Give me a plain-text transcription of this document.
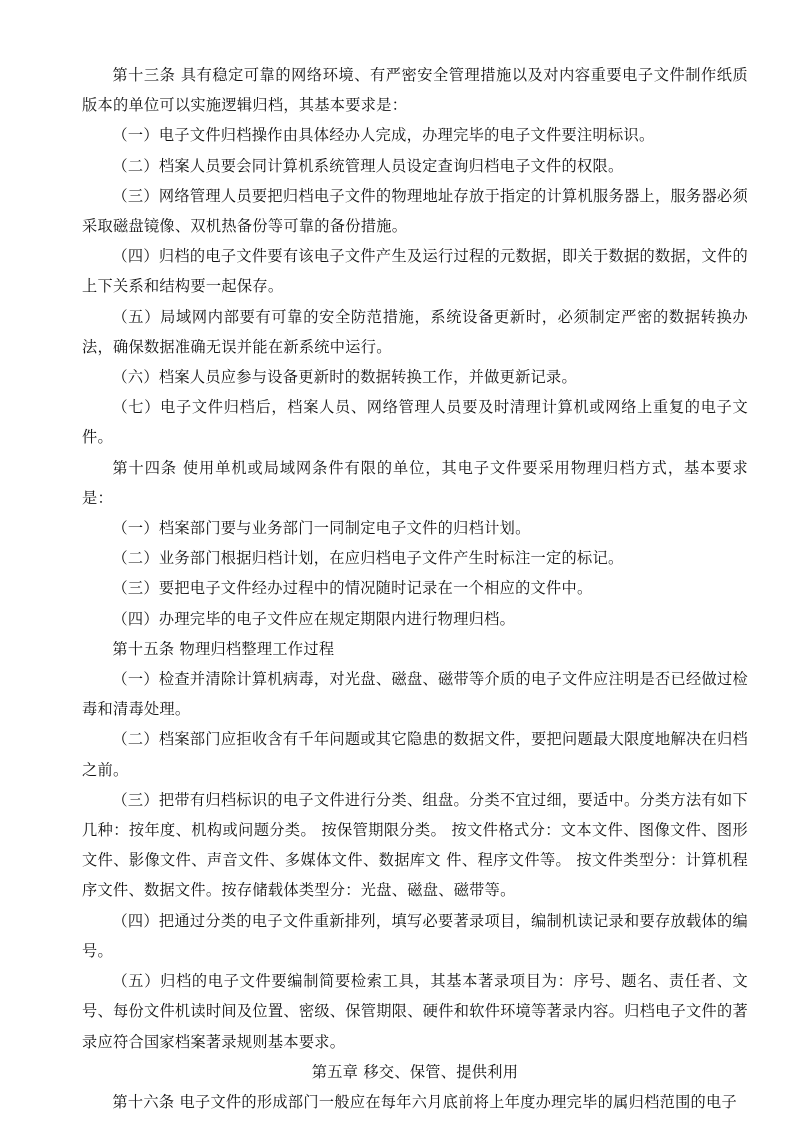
第十三条 具有稳定可靠的网络环境、有严密安全管理措施以及对内容重要电子文件制作纸质版本的单位可以实施逻辑归档，其基本要求是：

（一）电子文件归档操作由具体经办人完成，办理完毕的电子文件要注明标识。

（二）档案人员要会同计算机系统管理人员设定查询归档电子文件的权限。

（三）网络管理人员要把归档电子文件的物理地址存放于指定的计算机服务器上，服务器必须采取磁盘镜像、双机热备份等可靠的备份措施。

（四）归档的电子文件要有该电子文件产生及运行过程的元数据，即关于数据的数据，文件的上下关系和结构要一起保存。

（五）局域网内部要有可靠的安全防范措施，系统设备更新时，必须制定严密的数据转换办法，确保数据准确无误并能在新系统中运行。

（六）档案人员应参与设备更新时的数据转换工作，并做更新记录。

（七）电子文件归档后，档案人员、网络管理人员要及时清理计算机或网络上重复的电子文件。

第十四条 使用单机或局域网条件有限的单位，其电子文件要采用物理归档方式，基本要求是：

（一）档案部门要与业务部门一同制定电子文件的归档计划。

（二）业务部门根据归档计划，在应归档电子文件产生时标注一定的标记。

（三）要把电子文件经办过程中的情况随时记录在一个相应的文件中。

（四）办理完毕的电子文件应在规定期限内进行物理归档。

第十五条 物理归档整理工作过程

（一）检查并清除计算机病毒，对光盘、磁盘、磁带等介质的电子文件应注明是否已经做过检毒和清毒处理。

（二）档案部门应拒收含有千年问题或其它隐患的数据文件，要把问题最大限度地解决在归档之前。

（三）把带有归档标识的电子文件进行分类、组盘。分类不宜过细，要适中。分类方法有如下几种：按年度、机构或问题分类。 按保管期限分类。 按文件格式分：文本文件、图像文件、图形文件、影像文件、声音文件、多媒体文件、数据库文 件、程序文件等。 按文件类型分：计算机程序文件、数据文件。按存储载体类型分：光盘、磁盘、磁带等。

（四）把通过分类的电子文件重新排列，填写必要著录项目，编制机读记录和要存放载体的编号。

（五）归档的电子文件要编制简要检索工具，其基本著录项目为：序号、题名、责任者、文号、每份文件机读时间及位置、密级、保管期限、硬件和软件环境等著录内容。归档电子文件的著录应符合国家档案著录规则基本要求。

第五章 移交、保管、提供利用

第十六条 电子文件的形成部门一般应在每年六月底前将上年度办理完毕的属归档范围的电子
